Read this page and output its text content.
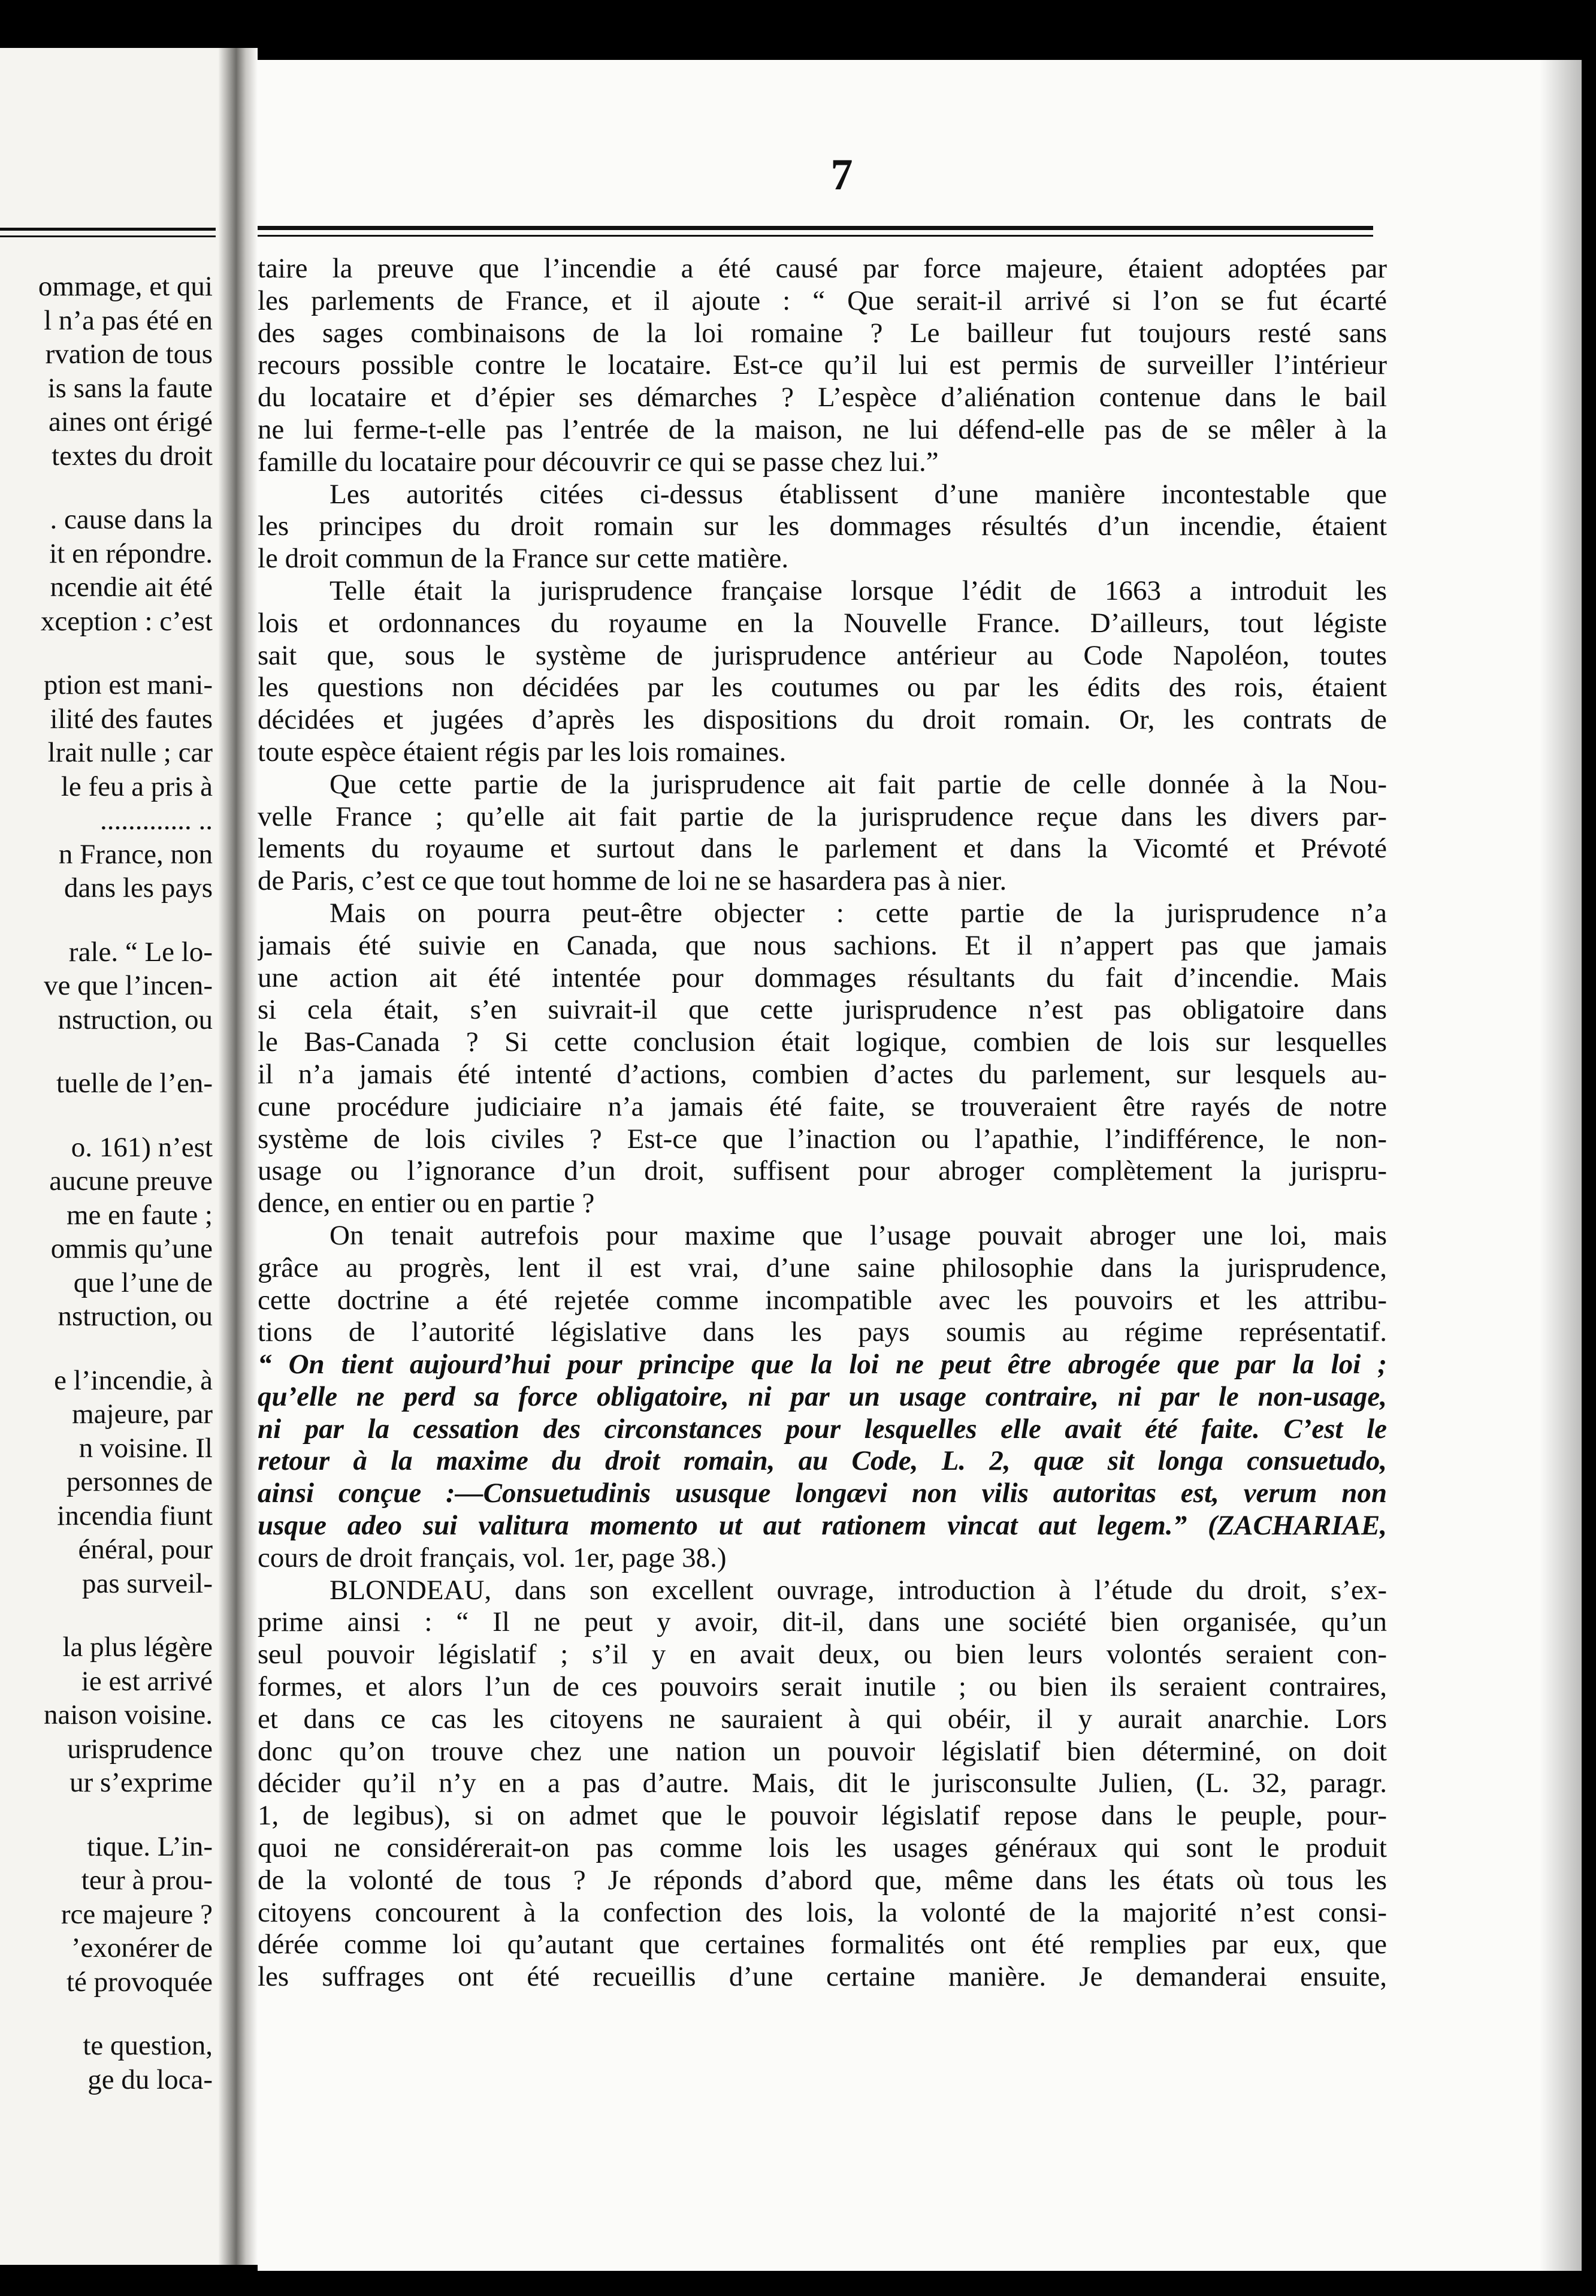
ommage, et qui
l n’a pas été en
rvation de tous
is sans la faute
aines ont érigé
textes du droit
. cause dans la
it en répondre.
ncendie ait été
xception : c’est
ption est mani-
ilité des fautes
lrait nulle ; car
le feu a pris à
............. ..
n France, non
dans les pays
rale. “ Le lo-
ve que l’incen-
nstruction, ou
tuelle de l’en-
o. 161) n’est
aucune preuve
me en faute ;
ommis qu’une
que l’une de
nstruction, ou
e l’incendie, à
majeure, par
n voisine. Il
personnes de
incendia fiunt
énéral, pour
pas surveil-
la plus légère
ie est arrivé
naison voisine.
urisprudence
ur s’exprime
tique. L’in-
teur à prou-
rce majeure ?
’exonérer de
té provoquée
te question,
ge du loca-
7
taire la preuve que l’incendie a été causé par force majeure, étaient adoptées par
les parlements de France, et il ajoute : “ Que serait-il arrivé si l’on se fut écarté
des sages combinaisons de la loi romaine ? Le bailleur fut toujours resté sans
recours possible contre le locataire. Est-ce qu’il lui est permis de surveiller l’intérieur
du locataire et d’épier ses démarches ? L’espèce d’aliénation contenue dans le bail
ne lui ferme-t-elle pas l’entrée de la maison, ne lui défend-elle pas de se mêler à la
famille du locataire pour découvrir ce qui se passe chez lui.”
Les autorités citées ci-dessus établissent d’une manière incontestable que
les principes du droit romain sur les dommages résultés d’un incendie, étaient
le droit commun de la France sur cette matière.
Telle était la jurisprudence française lorsque l’édit de 1663 a introduit les
lois et ordonnances du royaume en la Nouvelle France. D’ailleurs, tout légiste
sait que, sous le système de jurisprudence antérieur au Code Napoléon, toutes
les questions non décidées par les coutumes ou par les édits des rois, étaient
décidées et jugées d’après les dispositions du droit romain. Or, les contrats de
toute espèce étaient régis par les lois romaines.
Que cette partie de la jurisprudence ait fait partie de celle donnée à la Nou-
velle France ; qu’elle ait fait partie de la jurisprudence reçue dans les divers par-
lements du royaume et surtout dans le parlement et dans la Vicomté et Prévoté
de Paris, c’est ce que tout homme de loi ne se hasardera pas à nier.
Mais on pourra peut-être objecter : cette partie de la jurisprudence n’a
jamais été suivie en Canada, que nous sachions. Et il n’appert pas que jamais
une action ait été intentée pour dommages résultants du fait d’incendie. Mais
si cela était, s’en suivrait-il que cette jurisprudence n’est pas obligatoire dans
le Bas-Canada ? Si cette conclusion était logique, combien de lois sur lesquelles
il n’a jamais été intenté d’actions, combien d’actes du parlement, sur lesquels au-
cune procédure judiciaire n’a jamais été faite, se trouveraient être rayés de notre
système de lois civiles ? Est-ce que l’inaction ou l’apathie, l’indifférence, le non-
usage ou l’ignorance d’un droit, suffisent pour abroger complètement la jurispru-
dence, en entier ou en partie ?
On tenait autrefois pour maxime que l’usage pouvait abroger une loi, mais
grâce au progrès, lent il est vrai, d’une saine philosophie dans la jurisprudence,
cette doctrine a été rejetée comme incompatible avec les pouvoirs et les attribu-
tions de l’autorité législative dans les pays soumis au régime représentatif.
“ On tient aujourd’hui pour principe que la loi ne peut être abrogée que par la loi ;
qu’elle ne perd sa force obligatoire, ni par un usage contraire, ni par le non-usage,
ni par la cessation des circonstances pour lesquelles elle avait été faite. C’est le
retour à la maxime du droit romain, au Code, L. 2, quæ sit longa consuetudo,
ainsi conçue :—Consuetudinis ususque longævi non vilis autoritas est, verum non
usque adeo sui valitura momento ut aut rationem vincat aut legem.” (ZACHARIAE,
cours de droit français, vol. 1er, page 38.)
BLONDEAU, dans son excellent ouvrage, introduction à l’étude du droit, s’ex-
prime ainsi : “ Il ne peut y avoir, dit-il, dans une société bien organisée, qu’un
seul pouvoir législatif ; s’il y en avait deux, ou bien leurs volontés seraient con-
formes, et alors l’un de ces pouvoirs serait inutile ; ou bien ils seraient contraires,
et dans ce cas les citoyens ne sauraient à qui obéir, il y aurait anarchie. Lors
donc qu’on trouve chez une nation un pouvoir législatif bien déterminé, on doit
décider qu’il n’y en a pas d’autre. Mais, dit le jurisconsulte Julien, (L. 32, paragr.
1, de legibus), si on admet que le pouvoir législatif repose dans le peuple, pour-
quoi ne considérerait-on pas comme lois les usages généraux qui sont le produit
de la volonté de tous ? Je réponds d’abord que, même dans les états où tous les
citoyens concourent à la confection des lois, la volonté de la majorité n’est consi-
dérée comme loi qu’autant que certaines formalités ont été remplies par eux, que
les suffrages ont été recueillis d’une certaine manière. Je demanderai ensuite,
